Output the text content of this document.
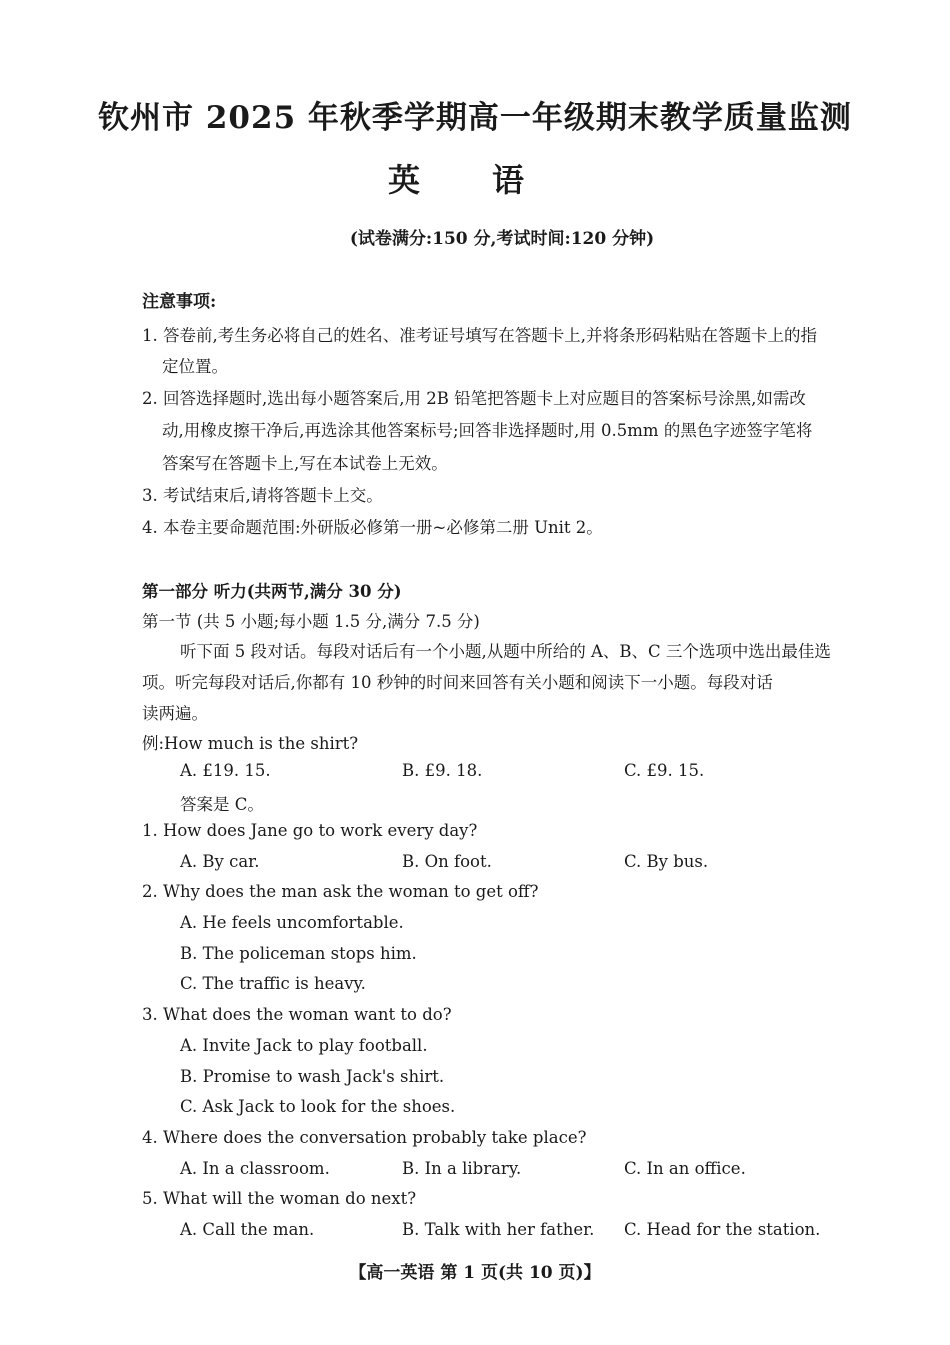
钦州市 2025 年秋季学期高一年级期末教学质量监测
英语
(试卷满分:150 分,考试时间:120 分钟)
注意事项:
1. 答卷前,考生务必将自己的姓名、准考证号填写在答题卡上,并将条形码粘贴在答题卡上的指
定位置。
2. 回答选择题时,选出每小题答案后,用 2B 铅笔把答题卡上对应题目的答案标号涂黑,如需改
动,用橡皮擦干净后,再选涂其他答案标号;回答非选择题时,用 0.5mm 的黑色字迹签字笔将
答案写在答题卡上,写在本试卷上无效。
3. 考试结束后,请将答题卡上交。
4. 本卷主要命题范围:外研版必修第一册~必修第二册 Unit 2。
第一部分 听力(共两节,满分 30 分)
第一节 (共 5 小题;每小题 1.5 分,满分 7.5 分)
听下面 5 段对话。每段对话后有一个小题,从题中所给的 A、B、C 三个选项中选出最佳选
项。听完每段对话后,你都有 10 秒钟的时间来回答有关小题和阅读下一小题。每段对话
读两遍。
例:How much is the shirt?
A. £19. 15.	B. £9. 18.	C. £9. 15.
答案是 C。
1. How does Jane go to work every day?
A. By car.	B. On foot.	C. By bus.
2. Why does the man ask the woman to get off?
A. He feels uncomfortable.
B. The policeman stops him.
C. The traffic is heavy.
3. What does the woman want to do?
A. Invite Jack to play football.
B. Promise to wash Jack's shirt.
C. Ask Jack to look for the shoes.
4. Where does the conversation probably take place?
A. In a classroom.	B. In a library.	C. In an office.
5. What will the woman do next?
A. Call the man.	B. Talk with her father. C. Head for the station.
【高一英语 第 1 页(共 10 页)】
